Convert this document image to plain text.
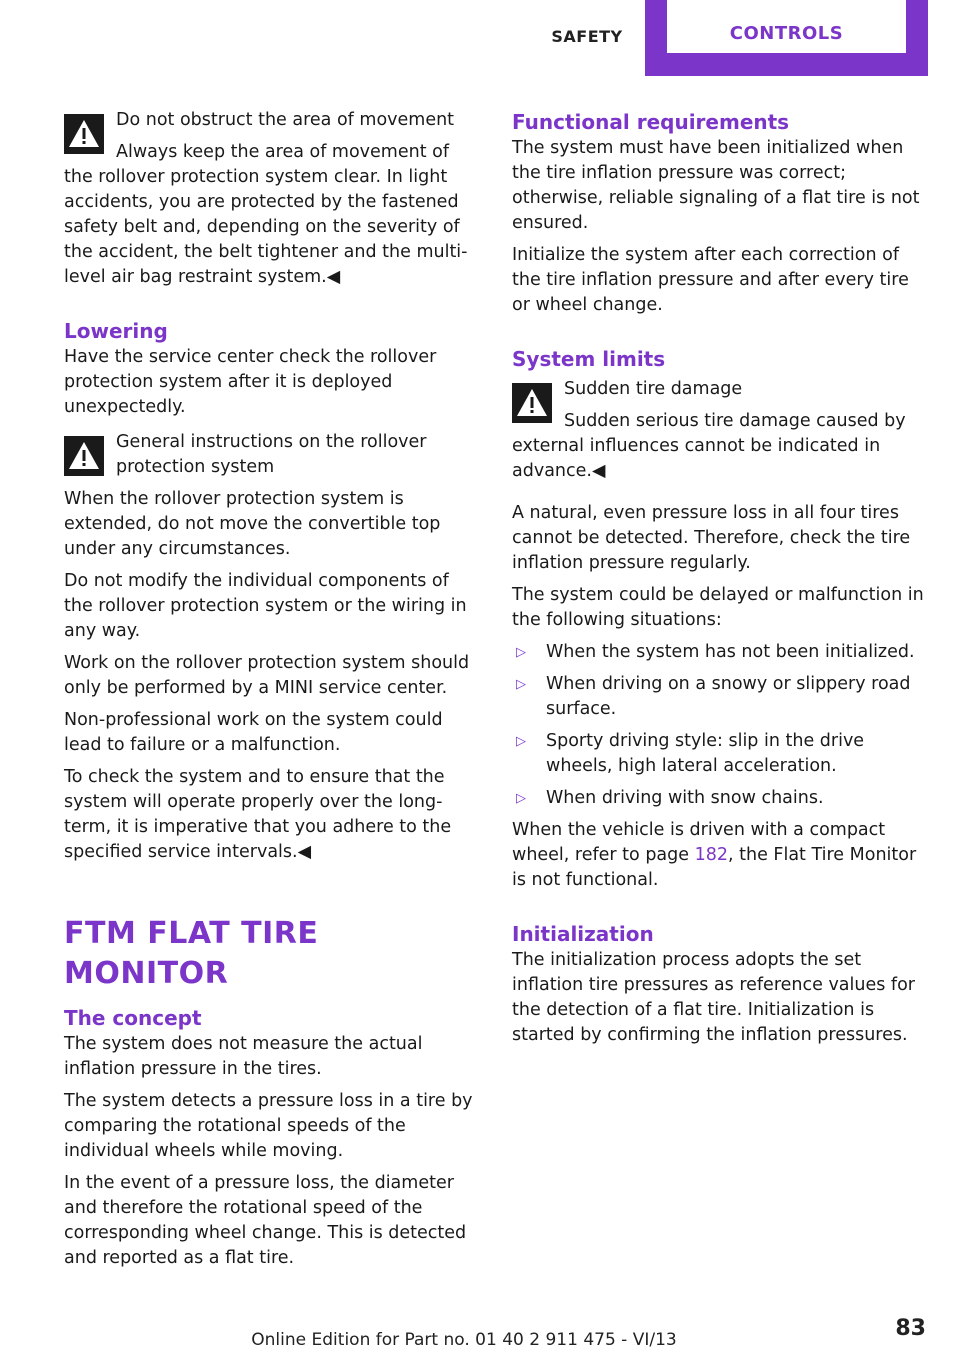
SAFETY	CONTROLS
Do not obstruct the area of movement
Always keep the area of movement of the rollover protection system clear. In light accidents, you are protected by the fastened safety belt and, depending on the severity of the accident, the belt tightener and the multi-level air bag restraint system.◀
Lowering

Have the service center check the rollover protection system after it is deployed unexpectedly.

General instructions on the rollover protection system

When the rollover protection system is extended, do not move the convertible top under any circumstances.

Do not modify the individual components of the rollover protection system or the wiring in any way.

Work on the rollover protection system should only be performed by a MINI service center.

Non-professional work on the system could lead to failure or a malfunction.

To check the system and to ensure that the system will operate properly over the long-term, it is imperative that you adhere to the specified service intervals.◀

FTM FLAT TIRE MONITOR
The concept

The system does not measure the actual inflation pressure in the tires.

The system detects a pressure loss in a tire by comparing the rotational speeds of the individual wheels while moving.

In the event of a pressure loss, the diameter and therefore the rotational speed of the corresponding wheel change. This is detected and reported as a flat tire.

Functional requirements

The system must have been initialized when the tire inflation pressure was correct; otherwise, reliable signaling of a flat tire is not ensured.

Initialize the system after each correction of the tire inflation pressure and after every tire or wheel change.

System limits
Sudden tire damage
Sudden serious tire damage caused by external influences cannot be indicated in advance.◀

A natural, even pressure loss in all four tires cannot be detected. Therefore, check the tire inflation pressure regularly.

The system could be delayed or malfunction in the following situations:

▷ When the system has not been initialized.
▷ When driving on a snowy or slippery road surface.
▷ Sporty driving style: slip in the drive wheels, high lateral acceleration.
▷ When driving with snow chains.

When the vehicle is driven with a compact wheel, refer to page 182, the Flat Tire Monitor is not functional.

Initialization

The initialization process adopts the set inflation tire pressures as reference values for the detection of a flat tire. Initialization is started by confirming the inflation pressures.

Online Edition for Part no. 01 40 2 911 475 - VI/13	83
